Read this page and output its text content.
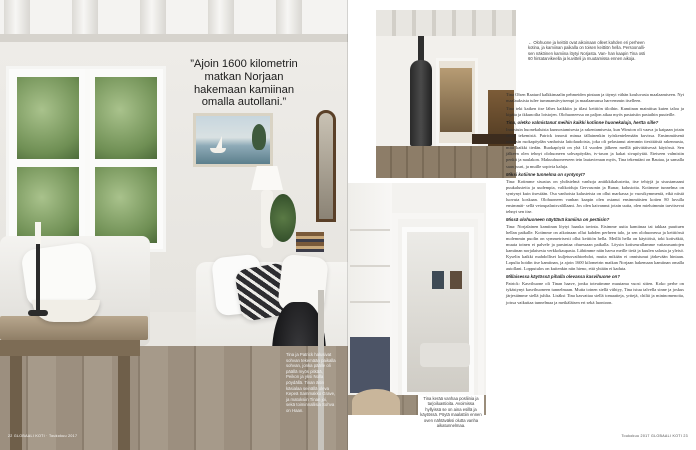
”Ajoin 1600 kilometrin matkan Norjaan hakemaan kamiinan omalla autollani.”
Tina ja Patrick halusivat sohvan tekemään paikalla sohvan, jonka päälle oli päällä myös pitkää, Peikon ja yksi Nolla pöydällä. Tinan äitin käsialaa seinällä oleva Kepeä Sammakko Grave, ja matoksiin Tinan joi, sekä toiminnallisia Sohva on Haan.
22 GLOBAALI KOTI · Toukokuu 2017
← Olohuone ja keittiö ovat aikoinaan olleet kahden eri perheen kotina, ja kamiinan paikalla on toisen keittiön hella. Persoonalli- sen näköinen kamiina löytyi Norjasta. Van- han kaapin Tina osti 60 hintatarvikeella ja kuvitteli ja muutamissa ennen aikoja.
Tina kerää vanhaa posliinia ja tarjoiluastioita. Avoimissa hyllyissä se on aina esillä ja käytössä. Pöytä maalattiin ennen oven nähtäväksi olutta vanha aikatunnelmaa.

Tina Olsen Raaturd kalkkimaalin pehmeiden pintaan ja täynyt vähän kouluvasta maalaamiseen. Nyt maalauksista tulee tummansävyisempi ja maalaamassa harvemmin itselleen.

Tina teki kaiken itse lähes kaikkiin ja tilasi keittiön tiloihin. Kamiinan mainittua kuten taloa ja kipäta ja ikkunoilta loistojen. Olohuoneessa on paljon aikaa myös pastaisiin pastaihin puuteille.

Tina, oletko valmistanut meihin kaikki kotiinne huonekaluja, hertta sille?

Innostuin huonekaluista kunnostamisesta ja rakentamisesta, kun Winston oli vaava ja kaipaan jotain omaa tekemistä. Patrick innosti minua tällainenkin työskentelemään kuvissa. Ensimmäisenä rakensin ruokapöydän vanhoista laitolaudoista, joka oli pelastanut aiemmin tiesittäistä rakennusta, mitä kaikki tiedän. Ruokapöytä on yhä 14 vuoden jälkeen meillä päivittäisessä käytössä. Sen jälkeen olen tehnyt olohuoneen sohvapöydän, tv-tason ja kakat sivupöytää. Eteiseen valmistin penkit ja naulakon. Makuuhuoneeseen tein lautavieraan myös, Tina tekemiäni on Bautaa, ja samalla saan juuri, ja muille sopivia kaluja.

Miksi kotiinne tunnelma on syntynyt?

Tina: Kotimme sisustus on yhdistelmä vanhoja antiikkikalusteita, itse tehtyjä ja sisustamaani puukalusteita ja uudempia, valikoiduja Gervasonin ja Runar, kalustoita. Kotimme tunnelma on syntynyt kuin itsestään. Osa vanhoista kalusteista on ollut markassa jo vuosikymmeniä, eikä niistä luovuta koskaan. Olohuoneen vanhan kaapin olen ostanut ensimmäisten kotien 80 luvulla ensimmäi- sellä vetoupalastsvalillaani. Jos olen kaivannut jotain uutta, olen mieluimmin tarvitsevat tehnyt sen itse.

Missä olohuoneen näyttävä kamiina on peräisin?

Tina: Norjalainen kamiinan löytyi haaska tavinta. Etsimme uutta kamiinaa tai takkaa puuttuen hellan paikalle. Kotimme on aikoinaan ollut kahden perheen talo, ja sen olohuonessa ja keittiössä molemmin puolin on symmetrisesti ollut keittiön hella. Meillä hella on käyttöisä, toki kotiväkiä, muuta toinen ei palvele ja parsintaa ohuessaan paikalla. Löysin kotiseurallamme vaitarasuntojen kamiinan norjalaisesta verkkokaupasta. Lähtimme näin harva meille tietä ja kuulen salasta ja yleisö. Kyselin kaikki mahdolliset kuljetusvaihtoehdot, mutta mikään ei onnistunut järkevään hintaan. Lopulta hoidin itse kamiinan, ja ajoin 1600 kilometrin matkan Norjaan hakemaan kamiinan omalla autollani. Lopputulos on kuitenkin niin hieno, että yhtään ei kaduta.

Millaisessa käytössä pihalla olevassa kasvihuone on?

Patrick: Kasvihuone oli Tinan haave, jonka toteutimme muutama vuosi sitten. Koko perhe on tykästynyt kasvihuoneen tunnelmaan. Mutta toinen siellä viihtyy, Tina istuu talvella sinne ja joskus järjestämme siellä juhlia. Lisäksi Tina kasvattaa siellä tomaatteja, yrttejä, chiliä ja mininomenoita, joissa vaikuttaa tunnelmaa ja meikäläisen eri sekä luontoon.

Toukokuu 2017 GLOBAALI KOTI 23
